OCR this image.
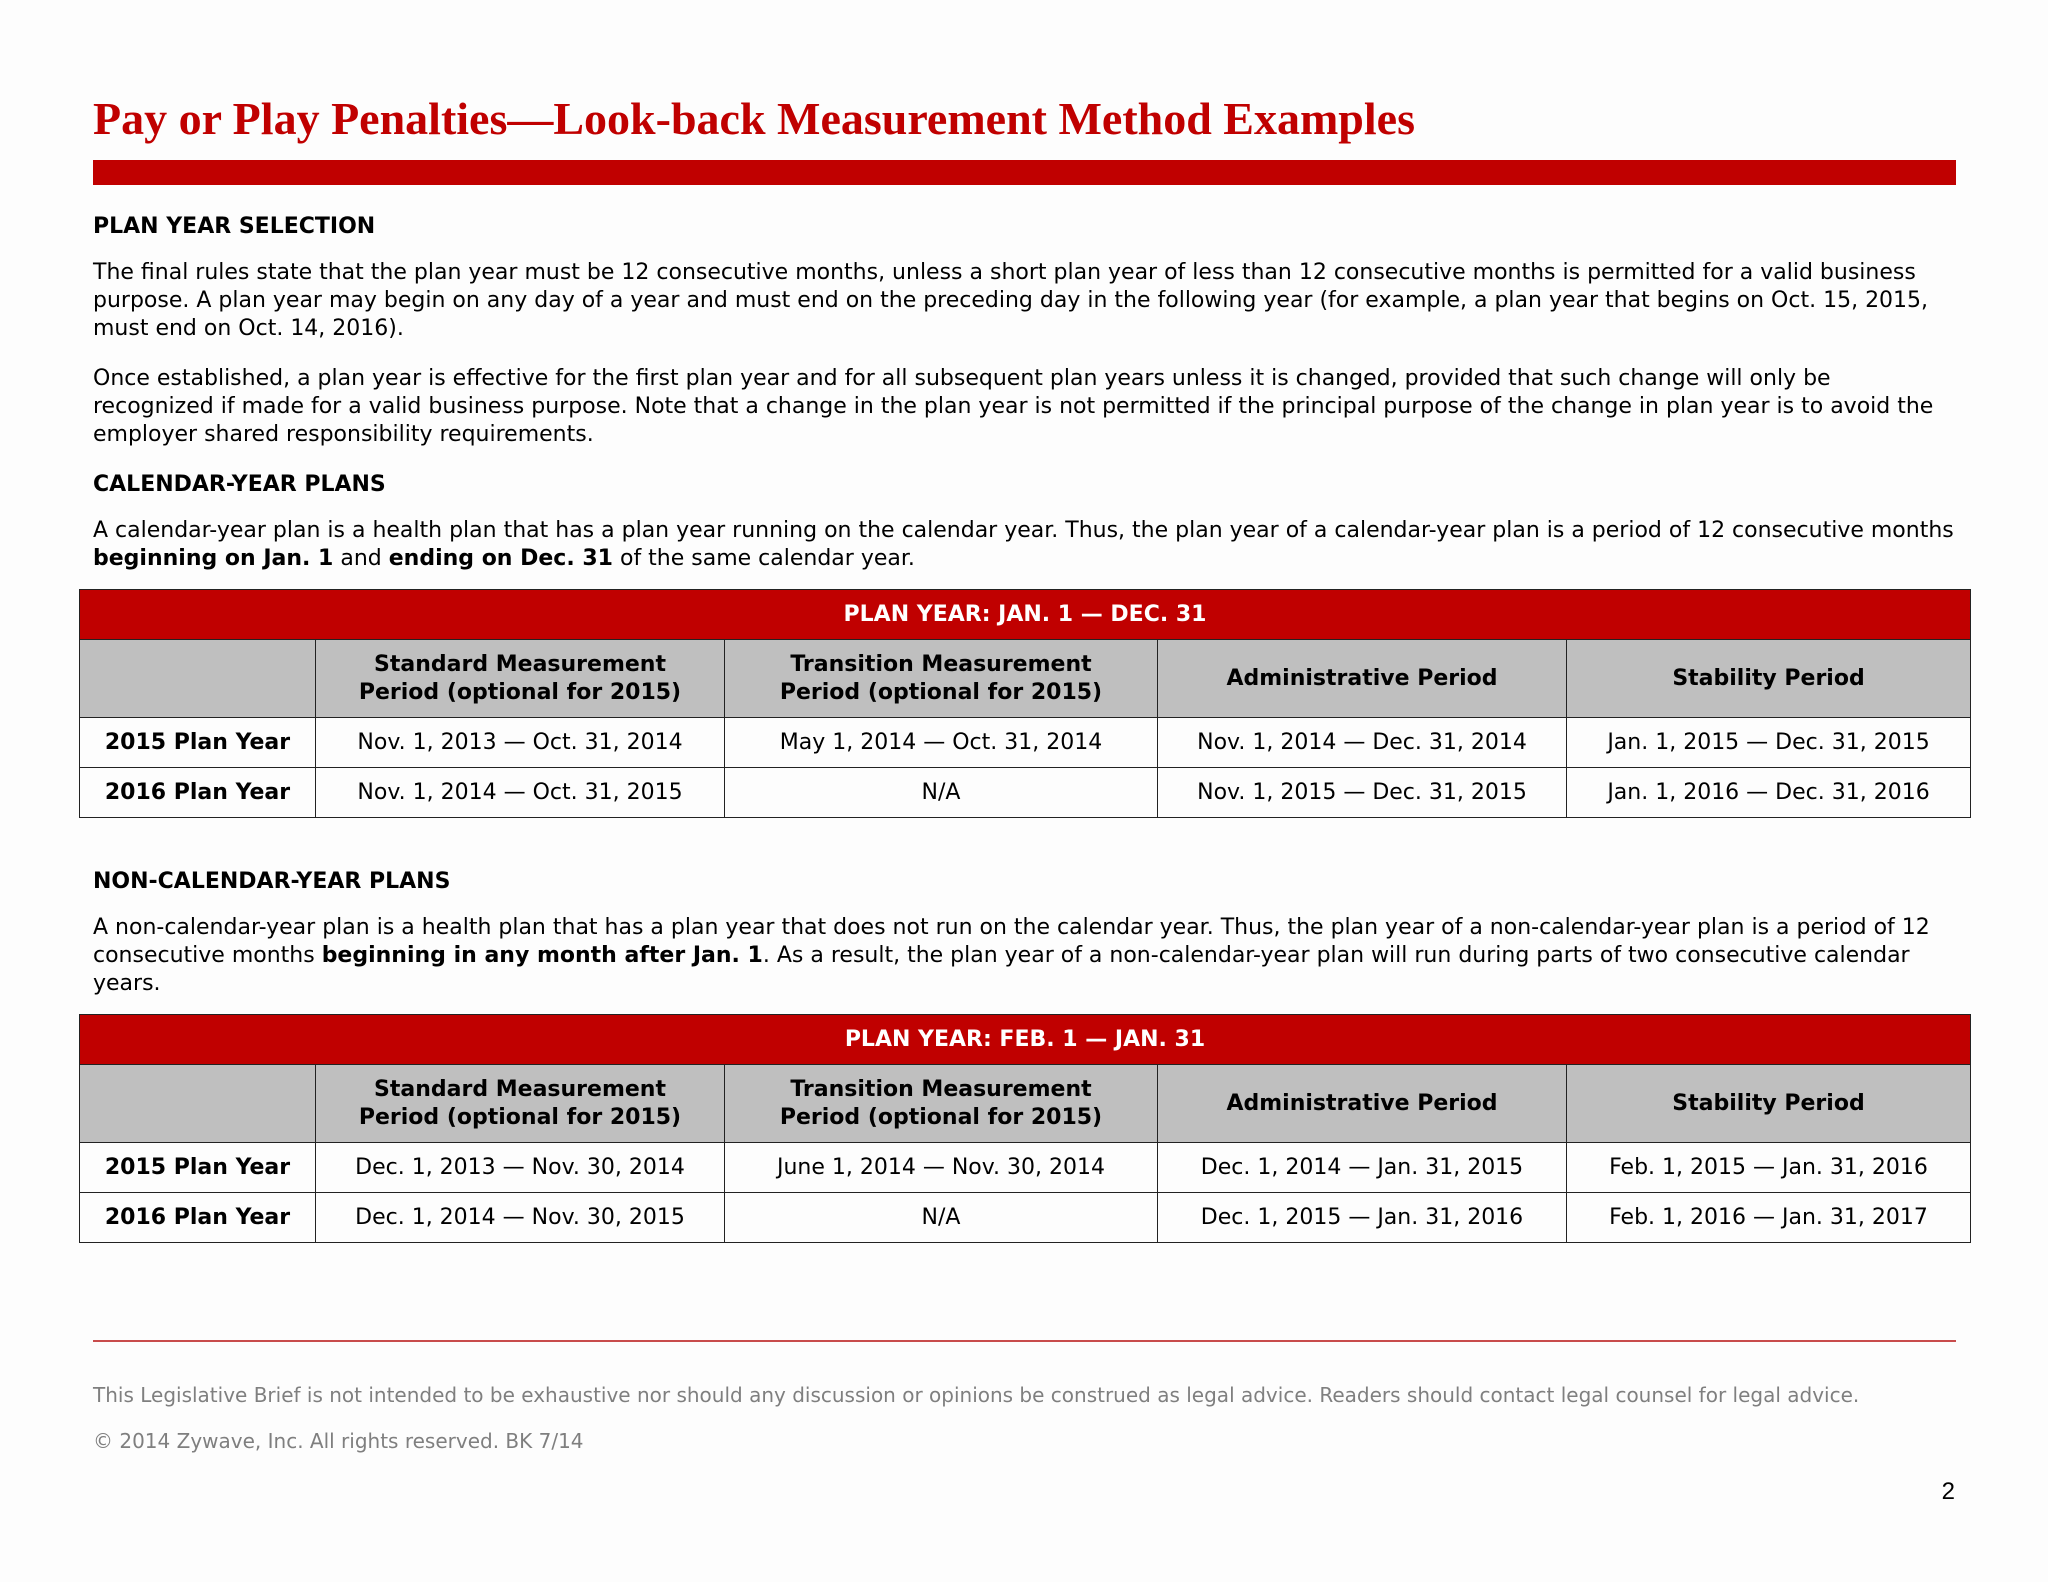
Pay or Play Penalties—Look-back Measurement Method Examples
PLAN YEAR SELECTION

The final rules state that the plan year must be 12 consecutive months, unless a short plan year of less than 12 consecutive months is permitted for a valid business purpose. A plan year may begin on any day of a year and must end on the preceding day in the following year (for example, a plan year that begins on Oct. 15, 2015, must end on Oct. 14, 2016).

Once established, a plan year is effective for the first plan year and for all subsequent plan years unless it is changed, provided that such change will only be recognized if made for a valid business purpose. Note that a change in the plan year is not permitted if the principal purpose of the change in plan year is to avoid the employer shared responsibility requirements.

CALENDAR-YEAR PLANS

A calendar-year plan is a health plan that has a plan year running on the calendar year. Thus, the plan year of a calendar-year plan is a period of 12 consecutive months beginning on Jan. 1 and ending on Dec. 31 of the same calendar year.

PLAN YEAR: JAN. 1 — DEC. 31				
	Standard Measurement
Period (optional for 2015)	Transition Measurement
Period (optional for 2015)	Administrative Period	Stability Period
2015 Plan Year	Nov. 1, 2013 — Oct. 31, 2014	May 1, 2014 — Oct. 31, 2014	Nov. 1, 2014 — Dec. 31, 2014	Jan. 1, 2015 — Dec. 31, 2015
2016 Plan Year	Nov. 1, 2014 — Oct. 31, 2015	N/A	Nov. 1, 2015 — Dec. 31, 2015	Jan. 1, 2016 — Dec. 31, 2016
NON-CALENDAR-YEAR PLANS

A non-calendar-year plan is a health plan that has a plan year that does not run on the calendar year. Thus, the plan year of a non-calendar-year plan is a period of 12 consecutive months beginning in any month after Jan. 1. As a result, the plan year of a non-calendar-year plan will run during parts of two consecutive calendar years.

PLAN YEAR: FEB. 1 — JAN. 31				
	Standard Measurement
Period (optional for 2015)	Transition Measurement
Period (optional for 2015)	Administrative Period	Stability Period
2015 Plan Year	Dec. 1, 2013 — Nov. 30, 2014	June 1, 2014 — Nov. 30, 2014	Dec. 1, 2014 — Jan. 31, 2015	Feb. 1, 2015 — Jan. 31, 2016
2016 Plan Year	Dec. 1, 2014 — Nov. 30, 2015	N/A	Dec. 1, 2015 — Jan. 31, 2016	Feb. 1, 2016 — Jan. 31, 2017
This Legislative Brief is not intended to be exhaustive nor should any discussion or opinions be construed as legal advice. Readers should contact legal counsel for legal advice.
© 2014 Zywave, Inc. All rights reserved. BK 7/14
2
